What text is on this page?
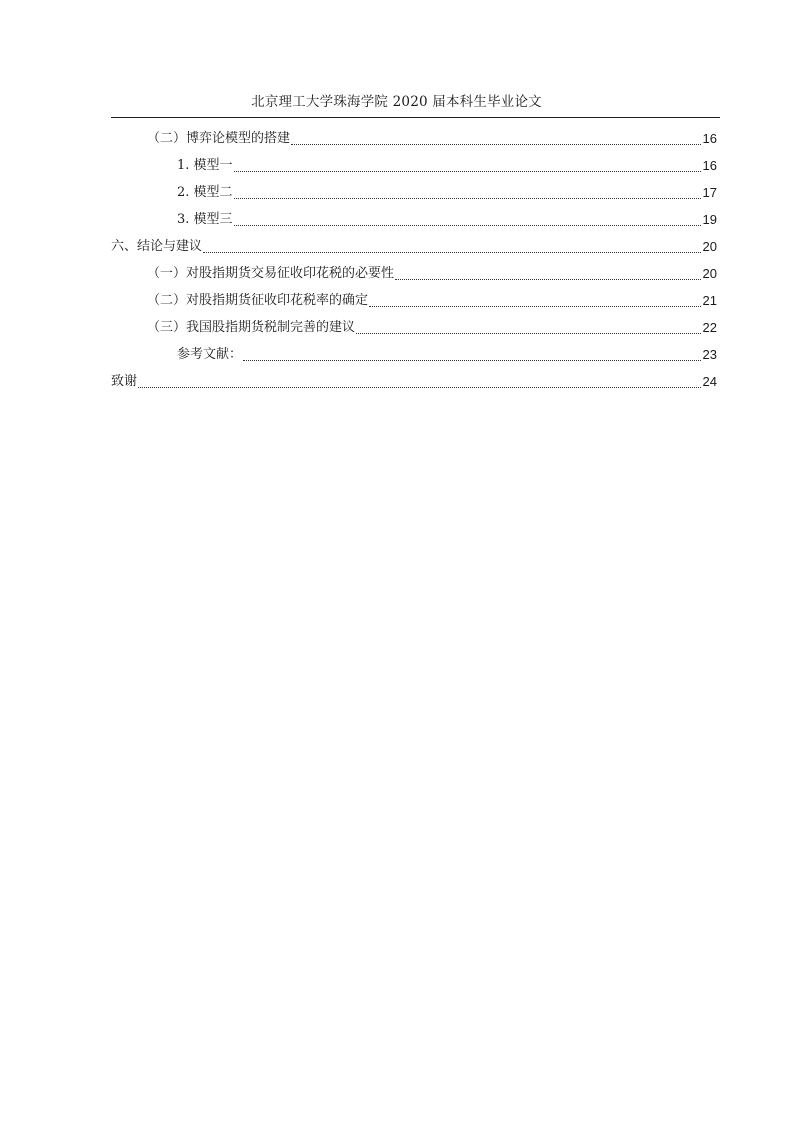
北京理工大学珠海学院 2020 届本科生毕业论文
（二）博弈论模型的搭建	16
1. 模型一	16
2. 模型二	17
3. 模型三	19
六、结论与建议	20
（一）对股指期货交易征收印花税的必要性	20
（二）对股指期货征收印花税率的确定	21
（三）我国股指期货税制完善的建议	22
参考文献：	23
致谢	24
